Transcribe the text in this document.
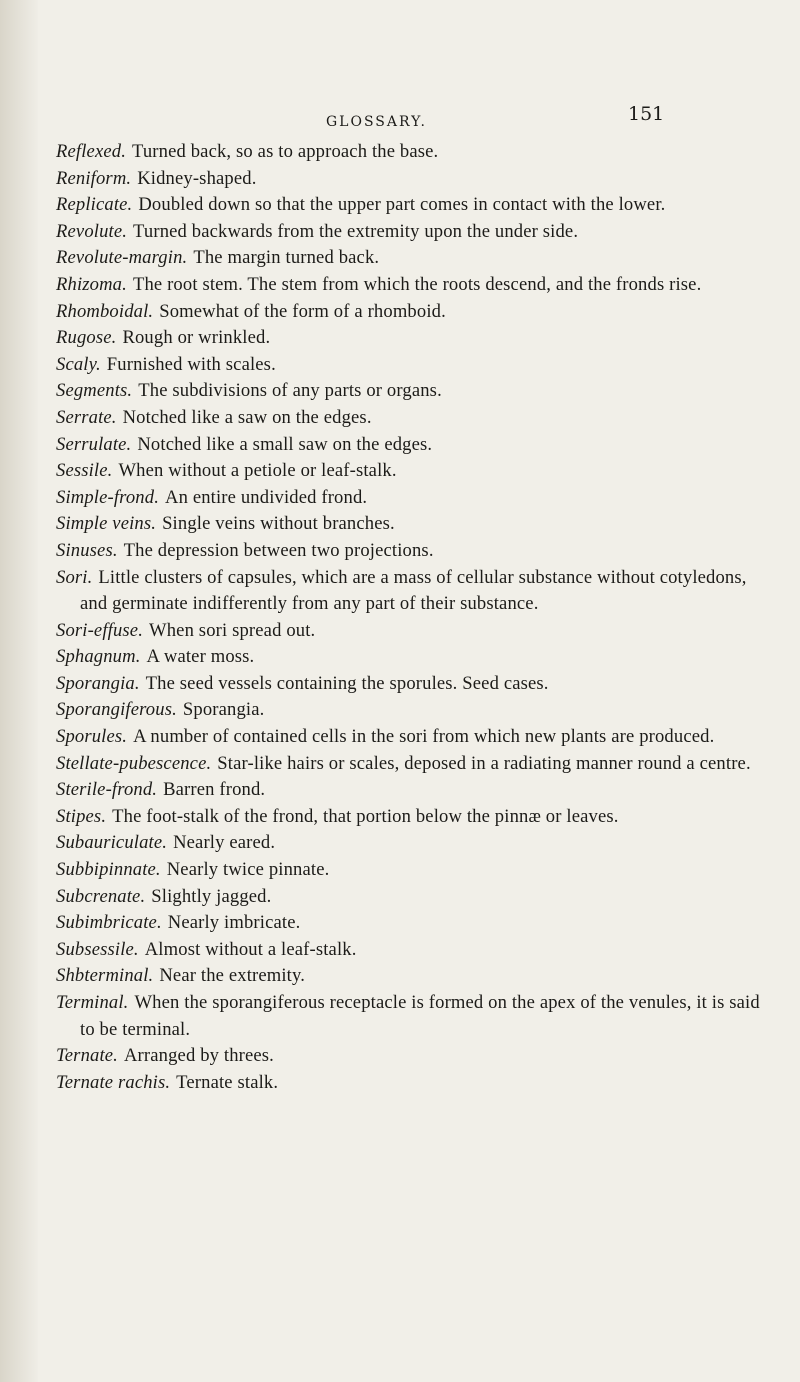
GLOSSARY.	151
Reflexed. Turned back, so as to approach the base.
Reniform. Kidney-shaped.
Replicate. Doubled down so that the upper part comes in contact with the lower.
Revolute. Turned backwards from the extremity upon the under side.
Revolute-margin. The margin turned back.
Rhizoma. The root stem. The stem from which the roots descend, and the fronds rise.
Rhomboidal. Somewhat of the form of a rhomboid.
Rugose. Rough or wrinkled.
Scaly. Furnished with scales.
Segments. The subdivisions of any parts or organs.
Serrate. Notched like a saw on the edges.
Serrulate. Notched like a small saw on the edges.
Sessile. When without a petiole or leaf-stalk.
Simple-frond. An entire undivided frond.
Simple veins. Single veins without branches.
Sinuses. The depression between two projections.
Sori. Little clusters of capsules, which are a mass of cellular substance without cotyledons, and germinate indifferently from any part of their substance.
Sori-effuse. When sori spread out.
Sphagnum. A water moss.
Sporangia. The seed vessels containing the sporules. Seed cases.
Sporangiferous. Sporangia.
Sporules. A number of contained cells in the sori from which new plants are produced.
Stellate-pubescence. Star-like hairs or scales, deposed in a radiating manner round a centre.
Sterile-frond. Barren frond.
Stipes. The foot-stalk of the frond, that portion below the pinnæ or leaves.
Subauriculate. Nearly eared.
Subbipinnate. Nearly twice pinnate.
Subcrenate. Slightly jagged.
Subimbricate. Nearly imbricate.
Subsessile. Almost without a leaf-stalk.
Shbterminal. Near the extremity.
Terminal. When the sporangiferous receptacle is formed on the apex of the venules, it is said to be terminal.
Ternate. Arranged by threes.
Ternate rachis. Ternate stalk.
